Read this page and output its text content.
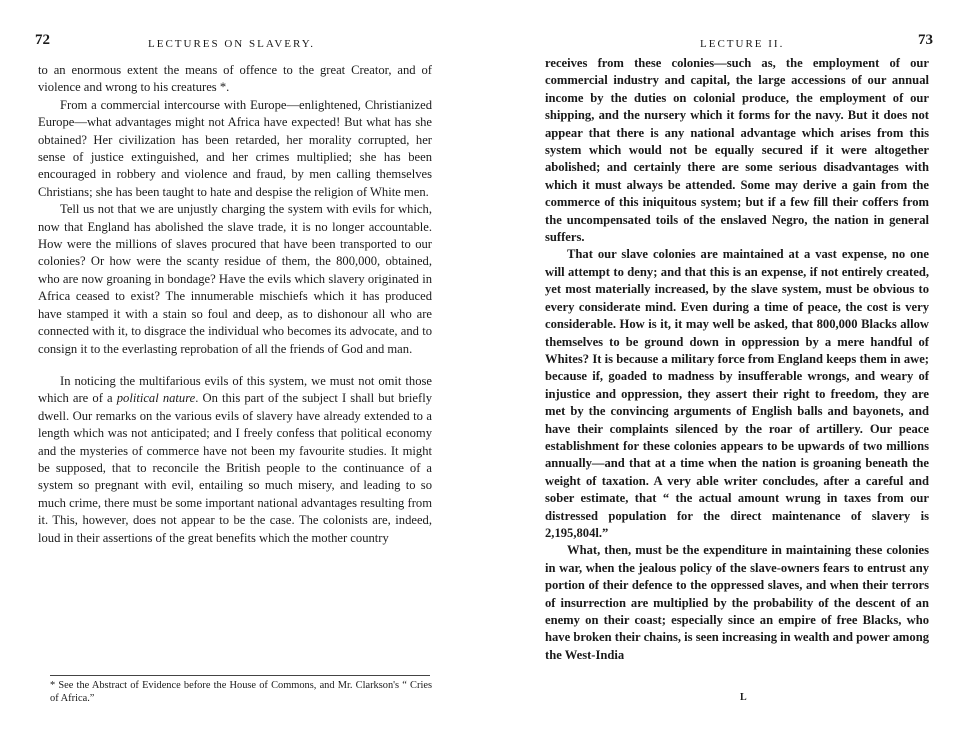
72	LECTURES ON SLAVERY.

to an enormous extent the means of offence to the great Creator, and of violence and wrong to his creatures *.

From a commercial intercourse with Europe—enlightened, Christianized Europe—what advantages might not Africa have expected! But what has she obtained? Her civilization has been retarded, her morality corrupted, her sense of justice extinguished, and her crimes multiplied; she has been encouraged in robbery and violence and fraud, by men calling themselves Christians; she has been taught to hate and despise the religion of White men.

Tell us not that we are unjustly charging the system with evils for which, now that England has abolished the slave trade, it is no longer accountable. How were the millions of slaves procured that have been transported to our colonies? Or how were the scanty residue of them, the 800,000, obtained, who are now groaning in bondage? Have the evils which slavery originated in Africa ceased to exist? The innumerable mischiefs which it has produced have stamped it with a stain so foul and deep, as to dishonour all who are connected with it, to disgrace the individual who becomes its advocate, and to consign it to the everlasting reprobation of all the friends of God and man.

In noticing the multifarious evils of this system, we must not omit those which are of a political nature. On this part of the subject I shall but briefly dwell. Our remarks on the various evils of slavery have already extended to a length which was not anticipated; and I freely confess that political economy and the mysteries of commerce have not been my favourite studies. It might be supposed, that to reconcile the British people to the continuance of a system so pregnant with evil, entailing so much misery, and leading to so much crime, there must be some important national advantages resulting from it. This, however, does not appear to be the case. The colonists are, indeed, loud in their assertions of the great benefits which the mother country

* See the Abstract of Evidence before the House of Commons, and Mr. Clarkson's “ Cries of Africa.”
LECTURE II.	73

receives from these colonies—such as, the employment of our commercial industry and capital, the large accessions of our annual income by the duties on colonial produce, the employment of our shipping, and the nursery which it forms for the navy. But it does not appear that there is any national advantage which arises from this system which would not be equally secured if it were altogether abolished; and certainly there are some serious disadvantages with which it must always be attended. Some may derive a gain from the commerce of this iniquitous system; but if a few fill their coffers from the uncompensated toils of the enslaved Negro, the nation in general suffers.

That our slave colonies are maintained at a vast expense, no one will attempt to deny; and that this is an expense, if not entirely created, yet most materially increased, by the slave system, must be obvious to every considerate mind. Even during a time of peace, the cost is very considerable. How is it, it may well be asked, that 800,000 Blacks allow themselves to be ground down in oppression by a mere handful of Whites? It is because a military force from England keeps them in awe; because if, goaded to madness by insufferable wrongs, and weary of injustice and oppression, they assert their right to freedom, they are met by the convincing arguments of English balls and bayonets, and have their complaints silenced by the roar of artillery. Our peace establishment for these colonies appears to be upwards of two millions annually—and that at a time when the nation is groaning beneath the weight of taxation. A very able writer concludes, after a careful and sober estimate, that “ the actual amount wrung in taxes from our distressed population for the direct maintenance of slavery is 2,195,804l.”

What, then, must be the expenditure in maintaining these colonies in war, when the jealous policy of the slave-owners fears to entrust any portion of their defence to the oppressed slaves, and when their terrors of insurrection are multiplied by the probability of the descent of an enemy on their coast; especially since an empire of free Blacks, who have broken their chains, is seen increasing in wealth and power among the West-India

L
